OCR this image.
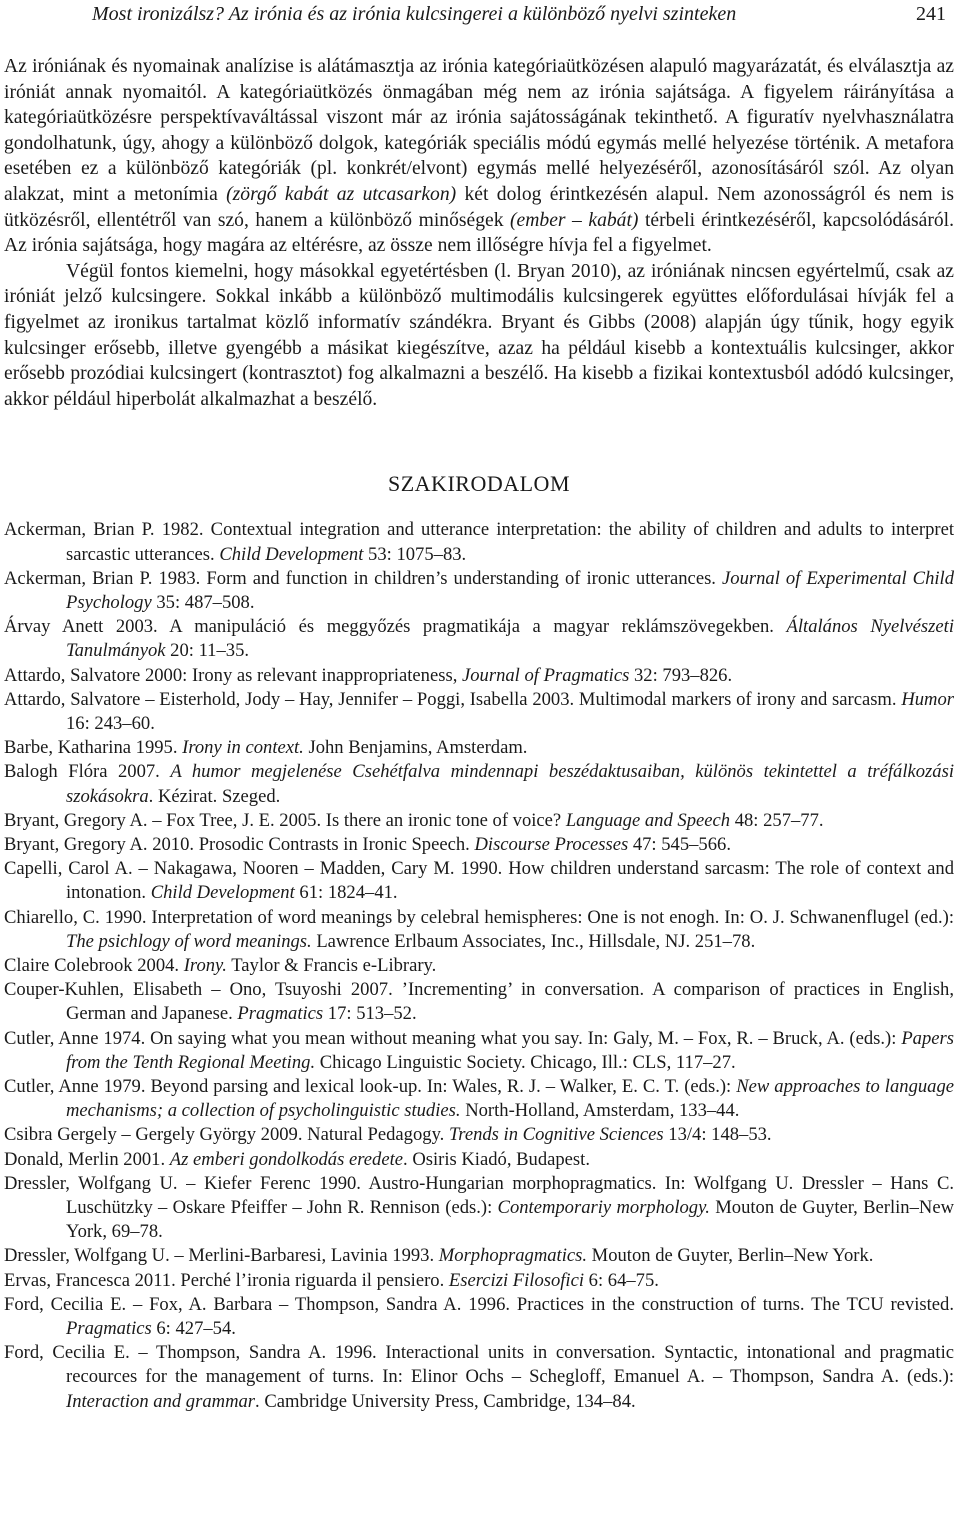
Most ironizálsz? Az irónia és az irónia kulcsingerei a különböző nyelvi szinteken	241

Az iróniának és nyomainak analízise is alátámasztja az irónia kategóriaütközésen alapuló magyarázatát, és elválasztja az iróniát annak nyomaitól. A kategóriaütközés önmagában még nem az irónia sajátsága. A figyelem ráirányítása a kategóriaütközésre perspektívaváltással viszont már az irónia sajátosságának tekinthető. A figuratív nyelvhasználatra gondolhatunk, úgy, ahogy a különböző dolgok, kategóriák speciális módú egymás mellé helyezése történik. A metafora esetében ez a különböző kategóriák (pl. konkrét/elvont) egymás mellé helyezéséről, azonosításáról szól. Az olyan alakzat, mint a metonímia (zörgő kabát az utcasarkon) két dolog érintkezésén alapul. Nem azonosságról és nem is ütközésről, ellentétről van szó, hanem a különböző minőségek (ember – kabát) térbeli érintkezéséről, kapcsolódásáról. Az irónia sajátsága, hogy magára az eltérésre, az össze nem illőségre hívja fel a figyelmet.

Végül fontos kiemelni, hogy másokkal egyetértésben (l. Bryan 2010), az iróniának nincsen egyértelmű, csak az iróniát jelző kulcsingere. Sokkal inkább a különböző multimodális kulcsingerek együttes előfordulásai hívják fel a figyelmet az ironikus tartalmat közlő informatív szándékra. Bryant és Gibbs (2008) alapján úgy tűnik, hogy egyik kulcsinger erősebb, illetve gyengébb a másikat kiegészítve, azaz ha például kisebb a kontextuális kulcsinger, akkor erősebb prozódiai kulcsingert (kontrasztot) fog alkalmazni a beszélő. Ha kisebb a fizikai kontextusból adódó kulcsinger, akkor például hiperbolát alkalmazhat a beszélő.

SZAKIRODALOM

Ackerman, Brian P. 1982. Contextual integration and utterance interpretation: the ability of children and adults to interpret sarcastic utterances. Child Development 53: 1075–83.

Ackerman, Brian P. 1983. Form and function in children’s understanding of ironic utterances. Journal of Experimental Child Psychology 35: 487–508.

Árvay Anett 2003. A manipuláció és meggyőzés pragmatikája a magyar reklámszövegekben. Általános Nyelvészeti Tanulmányok 20: 11–35.

Attardo, Salvatore 2000: Irony as relevant inappropriateness, Journal of Pragmatics 32: 793–826.

Attardo, Salvatore – Eisterhold, Jody – Hay, Jennifer – Poggi, Isabella 2003. Multimodal markers of irony and sarcasm. Humor 16: 243–60.

Barbe, Katharina 1995. Irony in context. John Benjamins, Amsterdam.

Balogh Flóra 2007. A humor megjelenése Csehétfalva mindennapi beszédaktusaiban, különös tekintettel a tréfálkozási szokásokra. Kézirat. Szeged.

Bryant, Gregory A. – Fox Tree, J. E. 2005. Is there an ironic tone of voice? Language and Speech 48: 257–77.

Bryant, Gregory A. 2010. Prosodic Contrasts in Ironic Speech. Discourse Processes 47: 545–566.

Capelli, Carol A. – Nakagawa, Nooren – Madden, Cary M. 1990. How children understand sarcasm: The role of context and intonation. Child Development 61: 1824–41.

Chiarello, C. 1990. Interpretation of word meanings by celebral hemispheres: One is not enogh. In: O. J. Schwanenflugel (ed.): The psichlogy of word meanings. Lawrence Erlbaum Associates, Inc., Hillsdale, NJ. 251–78.

Claire Colebrook 2004. Irony. Taylor & Francis e-Library.

Couper-Kuhlen, Elisabeth – Ono, Tsuyoshi 2007. ’Incrementing’ in conversation. A comparison of practices in English, German and Japanese. Pragmatics 17: 513–52.

Cutler, Anne 1974. On saying what you mean without meaning what you say. In: Galy, M. – Fox, R. – Bruck, A. (eds.): Papers from the Tenth Regional Meeting. Chicago Linguistic Society. Chicago, Ill.: CLS, 117–27.

Cutler, Anne 1979. Beyond parsing and lexical look-up. In: Wales, R. J. – Walker, E. C. T. (eds.): New approaches to language mechanisms; a collection of psycholinguistic studies. North-Holland, Amsterdam, 133–44.

Csibra Gergely – Gergely György 2009. Natural Pedagogy. Trends in Cognitive Sciences 13/4: 148–53.

Donald, Merlin 2001. Az emberi gondolkodás eredete. Osiris Kiadó, Budapest.

Dressler, Wolfgang U. – Kiefer Ferenc 1990. Austro-Hungarian morphopragmatics. In: Wolfgang U. Dressler – Hans C. Luschützky – Oskare Pfeiffer – John R. Rennison (eds.): Contemporariy morphology. Mouton de Guyter, Berlin–New York, 69–78.

Dressler, Wolfgang U. – Merlini-Barbaresi, Lavinia 1993. Morphopragmatics. Mouton de Guyter, Berlin–New York.

Ervas, Francesca 2011. Perché l’ironia riguarda il pensiero. Esercizi Filosofici 6: 64–75.

Ford, Cecilia E. – Fox, A. Barbara – Thompson, Sandra A. 1996. Practices in the construction of turns. The TCU revisted. Pragmatics 6: 427–54.

Ford, Cecilia E. – Thompson, Sandra A. 1996. Interactional units in conversation. Syntactic, intonational and pragmatic recources for the management of turns. In: Elinor Ochs – Schegloff, Emanuel A. – Thompson, Sandra A. (eds.): Interaction and grammar. Cambridge University Press, Cambridge, 134–84.
